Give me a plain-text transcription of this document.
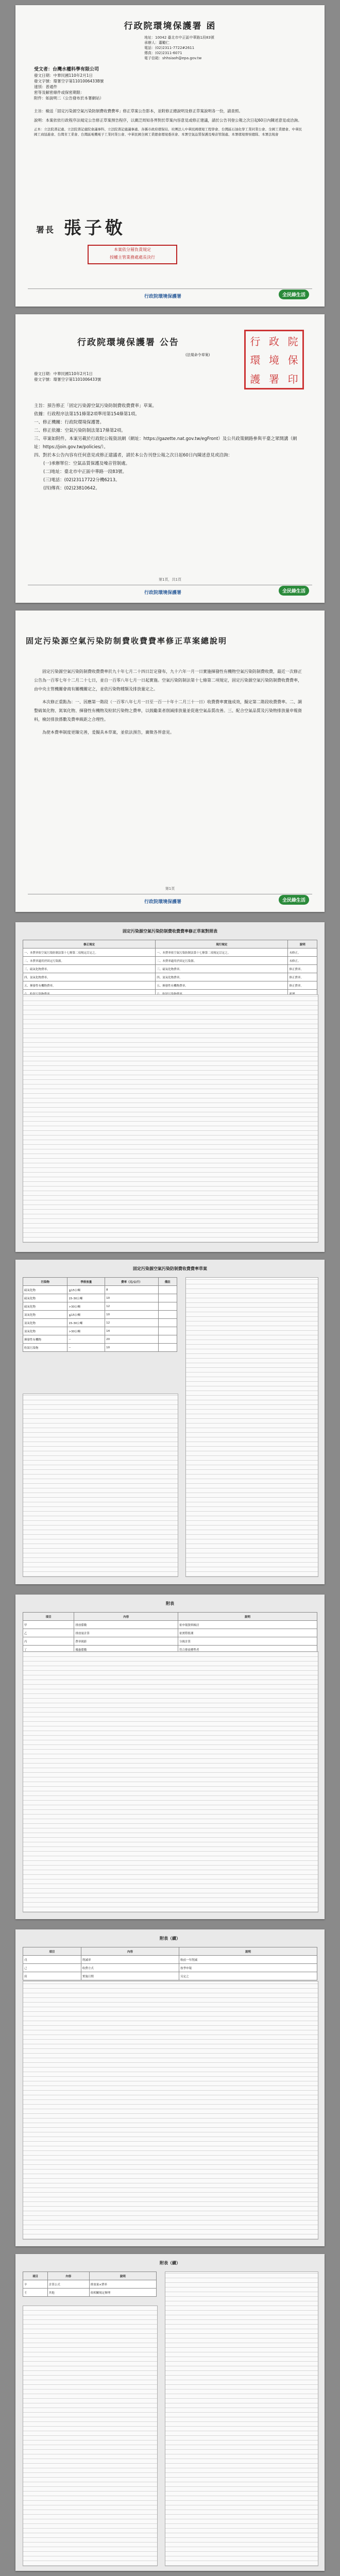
行政院環境保護署 函
地址：10042 臺北市中正區中華路1段83號
承辦人：蕭勵仁
電話：(02)2311-7722#2611
傳真：(02)2311-6071
電子信箱：shhsiaoh@epa.gov.tw
受文者：台灣水權科學有限公司
發文日期：中華民國110年2月1日
發文字號：環署空字第1101006433B號
速別：普通件
密等及解密條件或保密期限：
附件：如說明二（公告發布於本署網站）
主旨：檢送「固定污染源空氣污染防制費收費費率」修正草案公告影本，並附修正總說明及修正草案說明各一份，請查照。
說明：本案依依行政程序法規定公告修正草案預告程序，以廣泛周知各界對於草案內容意見或修正建議，請於公告刊登公報之次日起60日內陳述意見或洽詢。
正本：立法院書記處、立法院書記處院會議事科、立法院書記處議事處、各縣市政府環保局、社團法人中華民國環境工程學會、台灣區石油化學工業同業公會、全國工業總會、中華民國工商協進會、台灣省工業會、台灣區電機電子工業同業公會、中華民國全國工業總會環境委員會、本署空氣品質保護及噪音管制處、本署環境督察總隊、本署法規會
署長 張子敬
本案依分層負責規定
授權主管業務處處長決行
行政院環境保護署	全民綠生活
行政院環境保護署 公告
(法規命令草案)
行 政 院
環 境 保
護 署 印
發文日期：中華民國110年2月1日
發文字號：環署空字第1101006433號
主旨：預告修正「固定污染源空氣污染防制費收費費率」草案。
依據：行政程序法第151條第2項準用第154條第1項。
一、修正機關：行政院環境保護署。
二、修正依據：空氣污染防制法第17條第2項。
三、草案如附件。本案另載於行政院公報資訊網（網址：https://gazette.nat.gov.tw/egFront）及公共政策網路參與平臺之眾開講（網址：https://join.gov.tw/policies/）。
四、對於本公告內容有任何意見或修正建議者，請於本公告刊登公報之次日起60日內陳述意見或洽詢：
(一)承辦單位：空氣品質保護及噪音管制處。
(二)地址：臺北市中正區中華路一段83號。
(三)電話：(02)23117722分機6213。
(四)傳真：(02)23810642。
第1頁，共1頁
行政院環境保護署	全民綠生活
固定污染源空氣污染防制費收費費率修正草案總說明

固定污染源空氣污染防制費收費費率於九十年七月二十四日訂定發布，九十六年一月一日實施揮發性有機物空氣污染防制費收費，最近一次修正公告為一百零七年十二月二十七日，並自一百零八年七月一日起實施。空氣污染防制法第十七條第二項規定，固定污染源空氣污染防制費收費費率，由中央主管機關會商有關機關定之，並依污染物種類及排放量定之。

本次修正重點為：一、因應第一階段（一百零八年七月一日至一百一十年十二月三十一日）收費費率實施成效，擬定第二階段收費費率。二、調整硫氧化物、氮氧化物、揮發性有機物及粒狀污染物之費率，以鼓勵業者削減排放量並促進空氣品質改善。三、配合空氣品質及污染物排放量申報資料，檢討排放係數及費率級距之合理性。

為使本費率制度更臻完善，爰擬具本草案，並依法預告，廣徵各界意見。

第1頁
行政院環境保護署	全民綠生活
固定污染源空氣污染防制費收費費率修正草案對照表
修正規定	現行規定	說明
一、本費率依空氣污染防制法第十七條第二項規定訂定之。	一、本費率依空氣污染防制法第十七條第二項規定訂定之。	未修正。
二、本費率適用於固定污染源。	二、本費率適用於固定污染源。	未修正。
三、硫氧化物費率。	三、硫氧化物費率。	修正費率。
四、氮氧化物費率。	四、氮氧化物費率。	修正費率。
五、揮發性有機物費率。	五、揮發性有機物費率。	修正費率。

固定污染源空氣污染防制費收費費率草案
污染物	季排放量	費率（元/公斤）	備註
硫氧化物	≦15公噸	8	
硫氧化物	15-30公噸	10	
硫氧化物	>30公噸	12	
氮氧化物	≦15公噸	10	
氮氧化物	15-30公噸	12	
氮氧化物	>30公噸	14	
揮發性有機物	--	20	
粒狀污染物	--	10	
附表
項目	內容	說明
甲	排放係數	依申報資料檢討
乙	排放量計算	依實際監測
丙	費率級距	分級計算
丁	優惠係數	符合排放標準者
附表（續）
項目	內容	說明
戊	削減率	較前一年削減
己	收費方式	按季申報
庚	實施日期	另定之
附表（續）
項目	內容	說明
辛	計算公式	排放量×費率
壬	其他	依相關規定辦理
